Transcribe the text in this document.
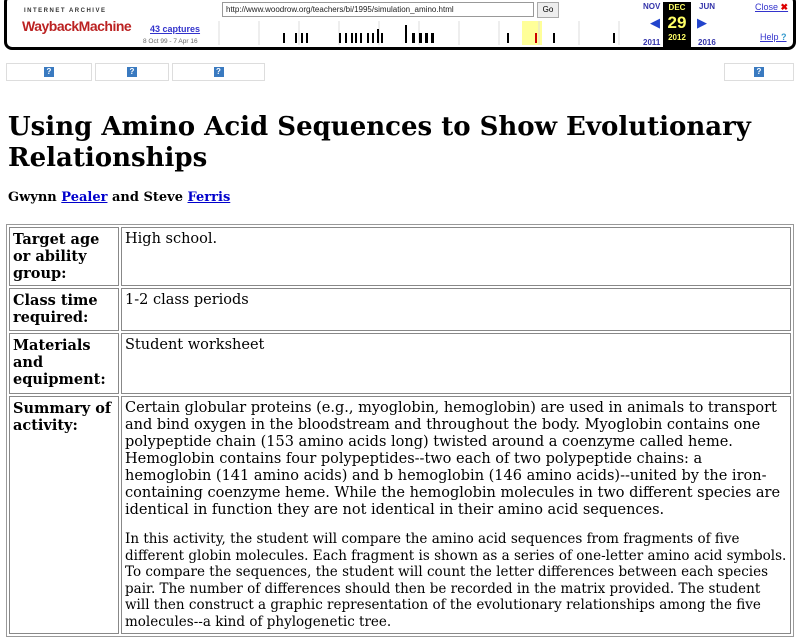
INTERNET ARCHIVE
WaybackMachine 43 captures
8 Oct 99 - 7 Apr 16
http://www.woodrow.org/teachers/bi/1995/simulation_amino.html	Go	NOV
◀
2011
DEC
29
2012
JUN
▶
2016
Close ✖
Help ?
?	?	?	?
Using Amino Acid Sequences to Show Evolutionary Relationships
Gwynn Pealer and Steve Ferris
Target age or ability group:	High school.
Class time required:	1-2 class periods
Materials and equipment:	Student worksheet
Summary of activity:	Certain globular proteins (e.g., myoglobin, hemoglobin) are used in animals to transport and bind oxygen in the bloodstream and throughout the body. Myoglobin contains one polypeptide chain (153 amino acids long) twisted around a coenzyme called heme. Hemoglobin contains four polypeptides--two each of two polypeptide chains: a hemoglobin (141 amino acids) and b hemoglobin (146 amino acids)--united by the iron-containing coenzyme heme. While the hemoglobin molecules in two different species are identical in function they are not identical in their amino acid sequences.

In this activity, the student will compare the amino acid sequences from fragments of five different globin molecules. Each fragment is shown as a series of one-letter amino acid symbols. To compare the sequences, the student will count the letter differences between each species pair. The number of differences should then be recorded in the matrix provided. The student will then construct a graphic representation of the evolutionary relationships among the five molecules--a kind of phylogenetic tree.
